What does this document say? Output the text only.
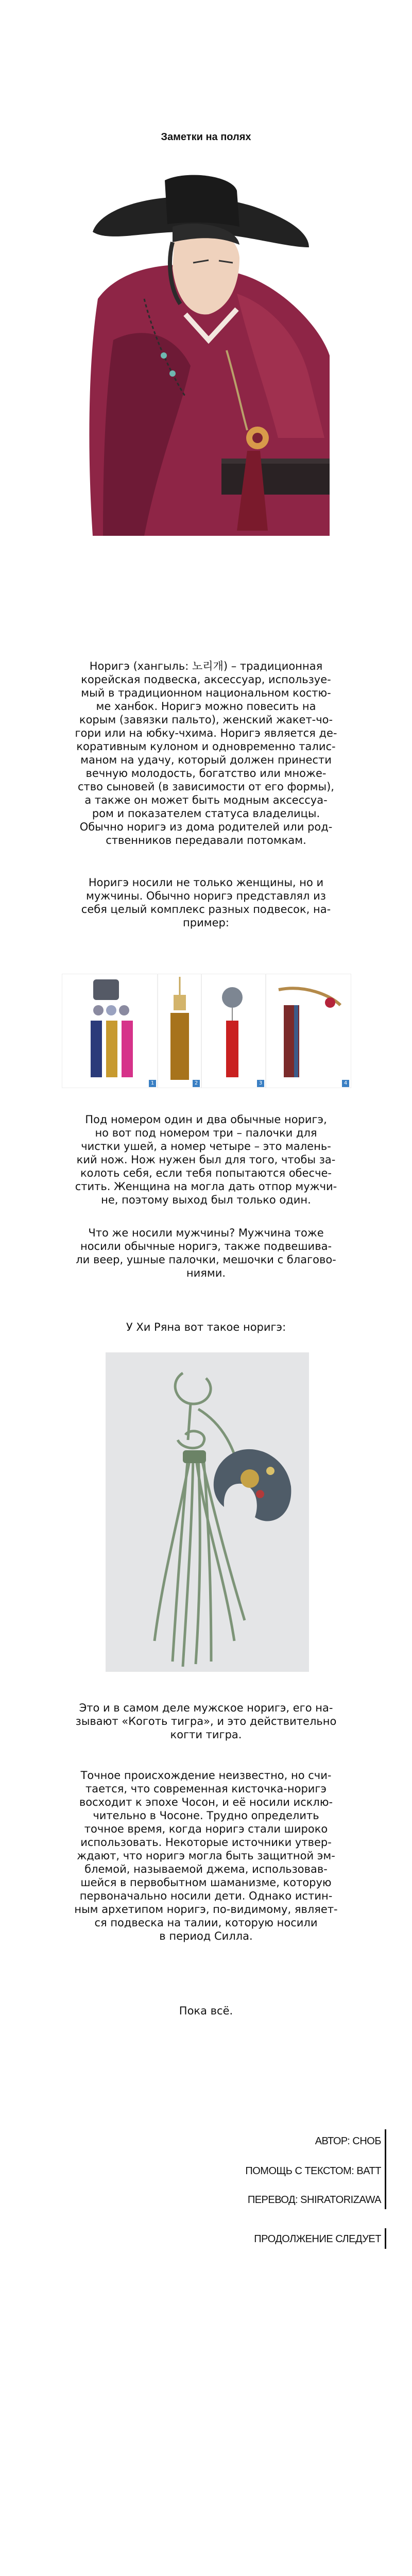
Заметки на полях

Норигэ (хангыль: 노리개) – традиционная
корейская подвеска, аксессуар, используе-
мый в традиционном национальном костю-
ме ханбок. Норигэ можно повесить на
корым (завязки пальто), женский жакет-чо-
гори или на юбку-чхима. Норигэ является де-
коративным кулоном и одновременно талис-
маном на удачу, который должен принести
вечную молодость, богатство или множе-
ство сыновей (в зависимости от его формы),
а также он может быть модным аксессуа-
ром и показателем статуса владелицы.
Обычно норигэ из дома родителей или род-
ственников передавали потомкам.

Норигэ носили не только женщины, но и
мужчины. Обычно норигэ представлял из
себя целый комплекс разных подвесок, на-
пример:

1	2	3	4

Под номером один и два обычные норигэ,
но вот под номером три – палочки для
чистки ушей, а номер четыре – это малень-
кий нож. Нож нужен был для того, чтобы за-
колоть себя, если тебя попытаются обесче-
стить. Женщина на могла дать отпор мужчи-
не, поэтому выход был только один.

Что же носили мужчины? Мужчина тоже
носили обычные норигэ, также подвешива-
ли веер, ушные палочки, мешочки с благово-
ниями.

У Хи Ряна вот такое норигэ:

Это и в самом деле мужское норигэ, его на-
зывают «Коготь тигра», и это действительно
когти тигра.

Точное происхождение неизвестно, но счи-
тается, что современная кисточка-норигэ
восходит к эпохе Чосон, и её носили исклю-
чительно в Чосоне. Трудно определить
точное время, когда норигэ стали широко
использовать. Некоторые источники утвер-
ждают, что норигэ могла быть защитной эм-
блемой, называемой джема, использовав-
шейся в первобытном шаманизме, которую
первоначально носили дети. Однако истин-
ным архетипом норигэ, по-видимому, являет-
ся подвеска на талии, которую носили
в период Силла.

Пока всё.

АВТОР: СНОБ
ПОМОЩЬ С ТЕКСТОМ: BATT
ПЕРЕВОД: SHIRATORIZAWA
ПРОДОЛЖЕНИЕ СЛЕДУЕТ
